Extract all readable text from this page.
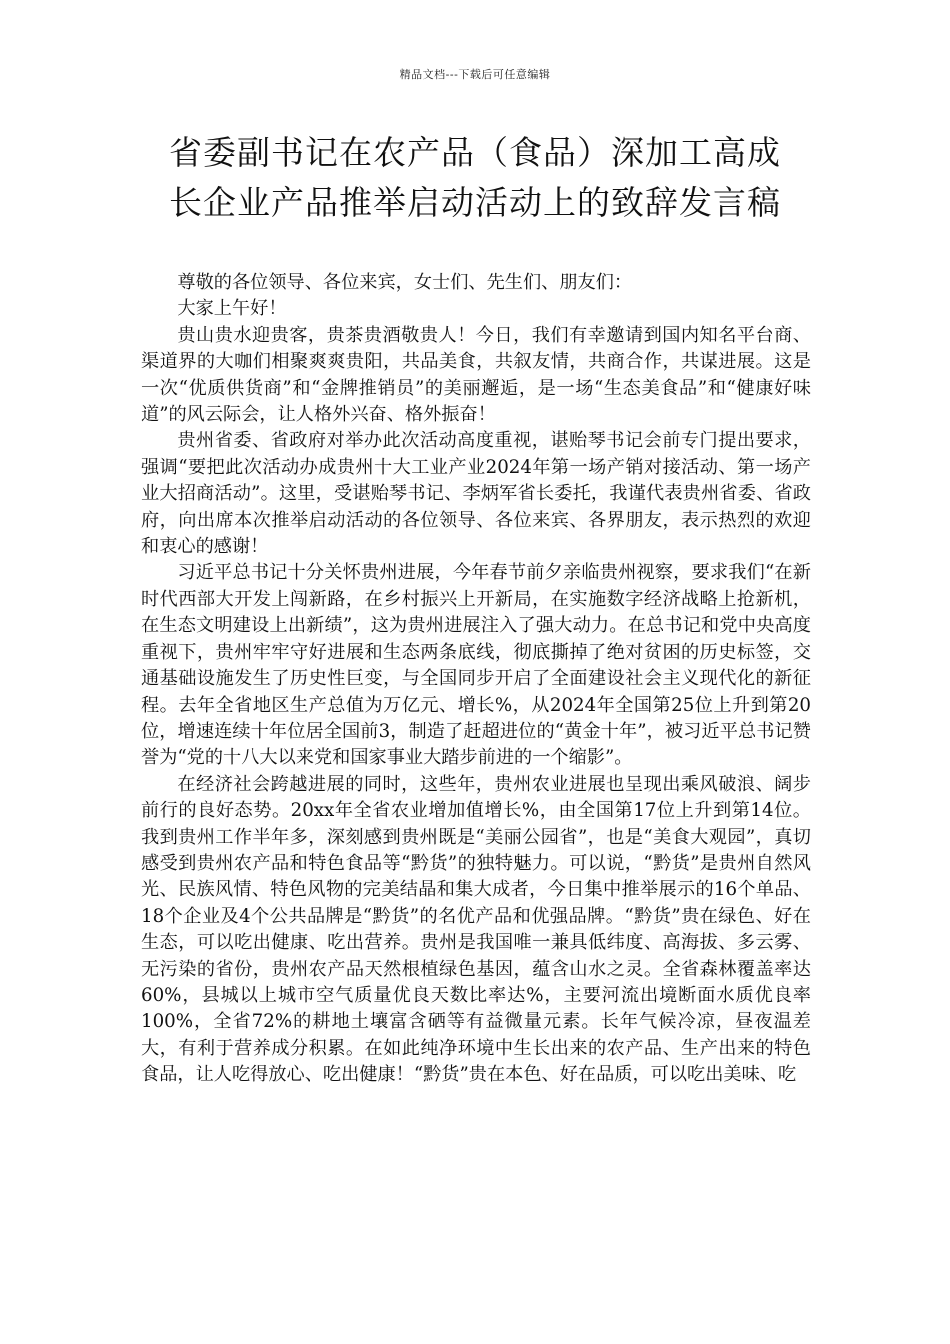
精品文档---下载后可任意编辑
省委副书记在农产品（食品）深加工高成
长企业产品推举启动活动上的致辞发言稿

尊敬的各位领导、各位来宾，女士们、先生们、朋友们：

大家上午好！

贵山贵水迎贵客，贵茶贵酒敬贵人！今日，我们有幸邀请到国内知名平台商、渠道界的大咖们相聚爽爽贵阳，共品美食，共叙友情，共商合作，共谋进展。这是一次“优质供货商”和“金牌推销员”的美丽邂逅，是一场“生态美食品”和“健康好味道”的风云际会，让人格外兴奋、格外振奋！

贵州省委、省政府对举办此次活动高度重视，谌贻琴书记会前专门提出要求，强调“要把此次活动办成贵州十大工业产业2024年第一场产销对接活动、第一场产业大招商活动”。这里，受谌贻琴书记、李炳军省长委托，我谨代表贵州省委、省政府，向出席本次推举启动活动的各位领导、各位来宾、各界朋友，表示热烈的欢迎和衷心的感谢！

习近平总书记十分关怀贵州进展，今年春节前夕亲临贵州视察，要求我们“在新时代西部大开发上闯新路，在乡村振兴上开新局，在实施数字经济战略上抢新机，在生态文明建设上出新绩”，这为贵州进展注入了强大动力。在总书记和党中央高度重视下，贵州牢牢守好进展和生态两条底线，彻底撕掉了绝对贫困的历史标签，交通基础设施发生了历史性巨变，与全国同步开启了全面建设社会主义现代化的新征程。去年全省地区生产总值为万亿元、增长%，从2024年全国第25位上升到第20位，增速连续十年位居全国前3，制造了赶超进位的“黄金十年”，被习近平总书记赞誉为“党的十八大以来党和国家事业大踏步前进的一个缩影”。

在经济社会跨越进展的同时，这些年，贵州农业进展也呈现出乘风破浪、阔步前行的良好态势。20xx年全省农业增加值增长%，由全国第17位上升到第14位。我到贵州工作半年多，深刻感到贵州既是“美丽公园省”，也是“美食大观园”，真切感受到贵州农产品和特色食品等“黔货”的独特魅力。可以说，“黔货”是贵州自然风光、民族风情、特色风物的完美结晶和集大成者，今日集中推举展示的16个单品、18个企业及4个公共品牌是“黔货”的名优产品和优强品牌。“黔货”贵在绿色、好在生态，可以吃出健康、吃出营养。贵州是我国唯一兼具低纬度、高海拔、多云雾、无污染的省份，贵州农产品天然根植绿色基因，蕴含山水之灵。全省森林覆盖率达60%，县城以上城市空气质量优良天数比率达%，主要河流出境断面水质优良率100%，全省72%的耕地土壤富含硒等有益微量元素。长年气候冷凉，昼夜温差大，有利于营养成分积累。在如此纯净环境中生长出来的农产品、生产出来的特色食品，让人吃得放心、吃出健康！“黔货”贵在本色、好在品质，可以吃出美味、吃
